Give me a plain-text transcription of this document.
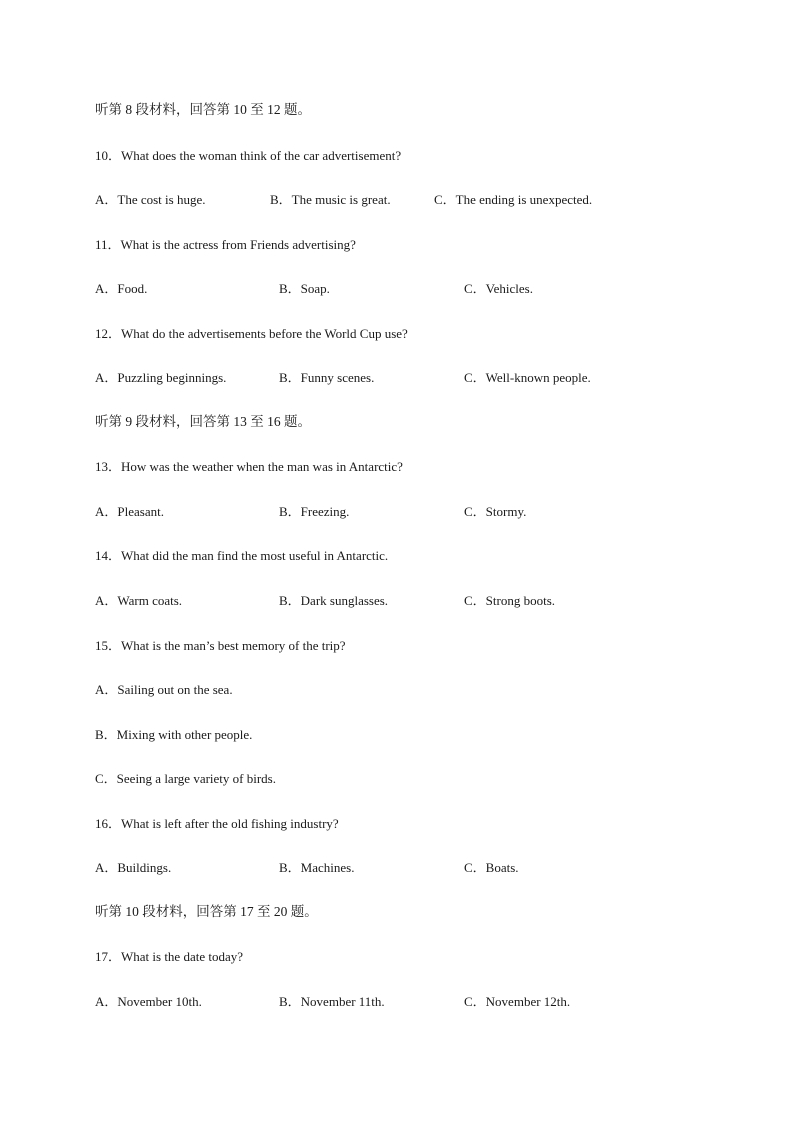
听第 8 段材料，回答第 10 至 12 题。
10．What does the woman think of the car advertisement?
A．The cost is huge.	B．The music is great.	C．The ending is unexpected.
11．What is the actress from Friends advertising?
A．Food.	B．Soap.	C．Vehicles.
12．What do the advertisements before the World Cup use?
A．Puzzling beginnings.	B．Funny scenes.	C．Well-known people.
听第 9 段材料，回答第 13 至 16 题。
13．How was the weather when the man was in Antarctic?
A．Pleasant.	B．Freezing.	C．Stormy.
14．What did the man find the most useful in Antarctic.
A．Warm coats.	B．Dark sunglasses.	C．Strong boots.
15．What is the man’s best memory of the trip?
A．Sailing out on the sea.
B．Mixing with other people.
C．Seeing a large variety of birds.
16．What is left after the old fishing industry?
A．Buildings.	B．Machines.	C．Boats.
听第 10 段材料，回答第 17 至 20 题。
17．What is the date today?
A．November 10th.	B．November 11th.	C．November 12th.
